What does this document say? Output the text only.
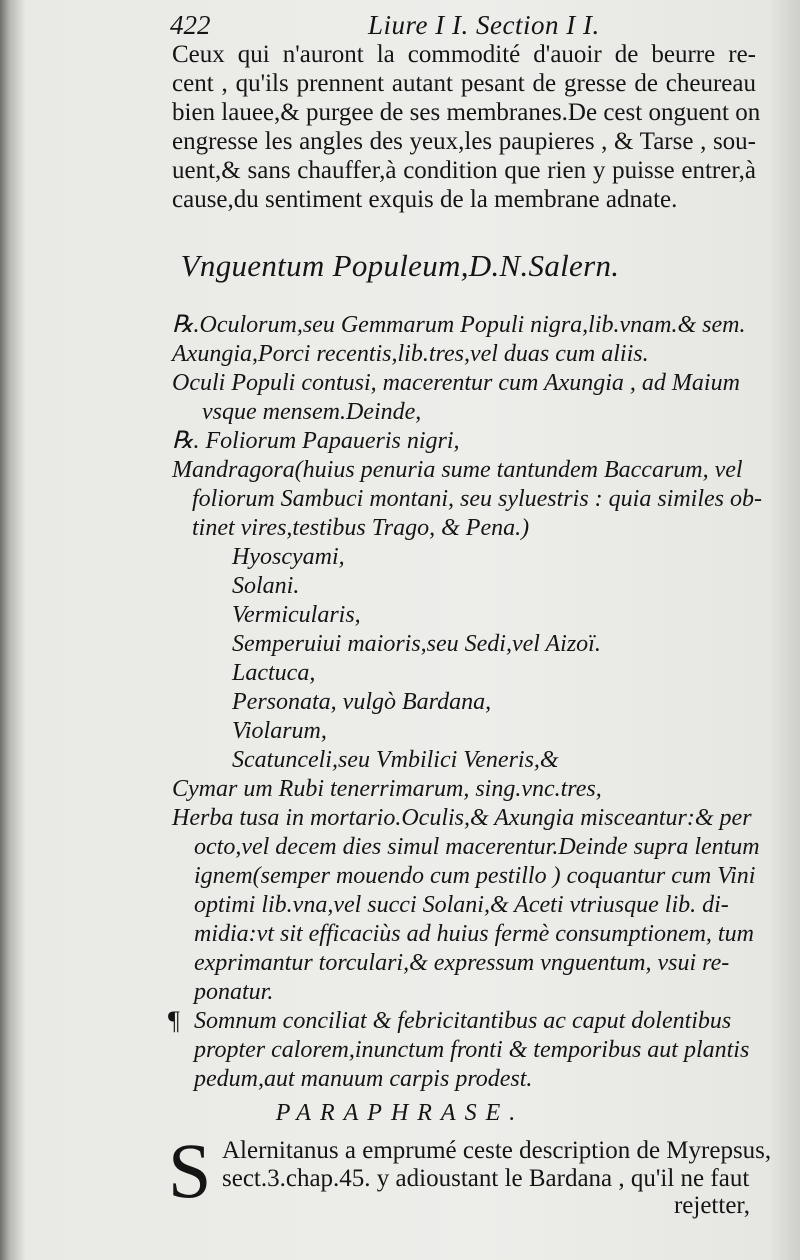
422	Liure I I. Section I I.
Ceux qui n'auront la commodité d'auoir de beurre re-
cent , qu'ils prennent autant pesant de gresse de cheureau
bien lauee,& purgee de ses membranes.De cest onguent on
engresse les angles des yeux,les paupieres , & Tarse , sou-
uent,& sans chauffer,à condition que rien y puisse entrer,à
cause,du sentiment exquis de la membrane adnate.
Vnguentum Populeum,D.N.Salern.
℞.Oculorum,seu Gemmarum Populi nigra,lib.vnam.& sem.
Axungia,Porci recentis,lib.tres,vel duas cum aliis.
Oculi Populi contusi, macerentur cum Axungia , ad Maium
vsque mensem.Deinde,
℞. Foliorum Papaueris nigri,
Mandragora(huius penuria sume tantundem Baccarum, vel
foliorum Sambuci montani, seu syluestris : quia similes ob-
tinet vires,testibus Trago, & Pena.)
Hyoscyami,
Solani.
Vermicularis,
Semperuiui maioris,seu Sedi,vel Aizoï.
Lactuca,
Personata, vulgò Bardana,
Violarum,
Scatunceli,seu Vmbilici Veneris,&
Cymar um Rubi tenerrimarum, sing.vnc.tres,
Herba tusa in mortario.Oculis,& Axungia misceantur:& per
octo,vel decem dies simul macerentur.Deinde supra lentum
ignem(semper mouendo cum pestillo ) coquantur cum Vini
optimi lib.vna,vel succi Solani,& Aceti vtriusque lib. di-
midia:vt sit efficaciùs ad huius fermè consumptionem, tum
exprimantur torculari,& expressum vnguentum, vsui re-
ponatur.
¶ Somnum conciliat & febricitantibus ac caput dolentibus
propter calorem,inunctum fronti & temporibus aut plantis
pedum,aut manuum carpis prodest.
PARAPHRASE.
S Alernitanus a emprumé ceste description de Myrepsus,
sect.3.chap.45. y adioustant le Bardana , qu'il ne faut
rejetter,
